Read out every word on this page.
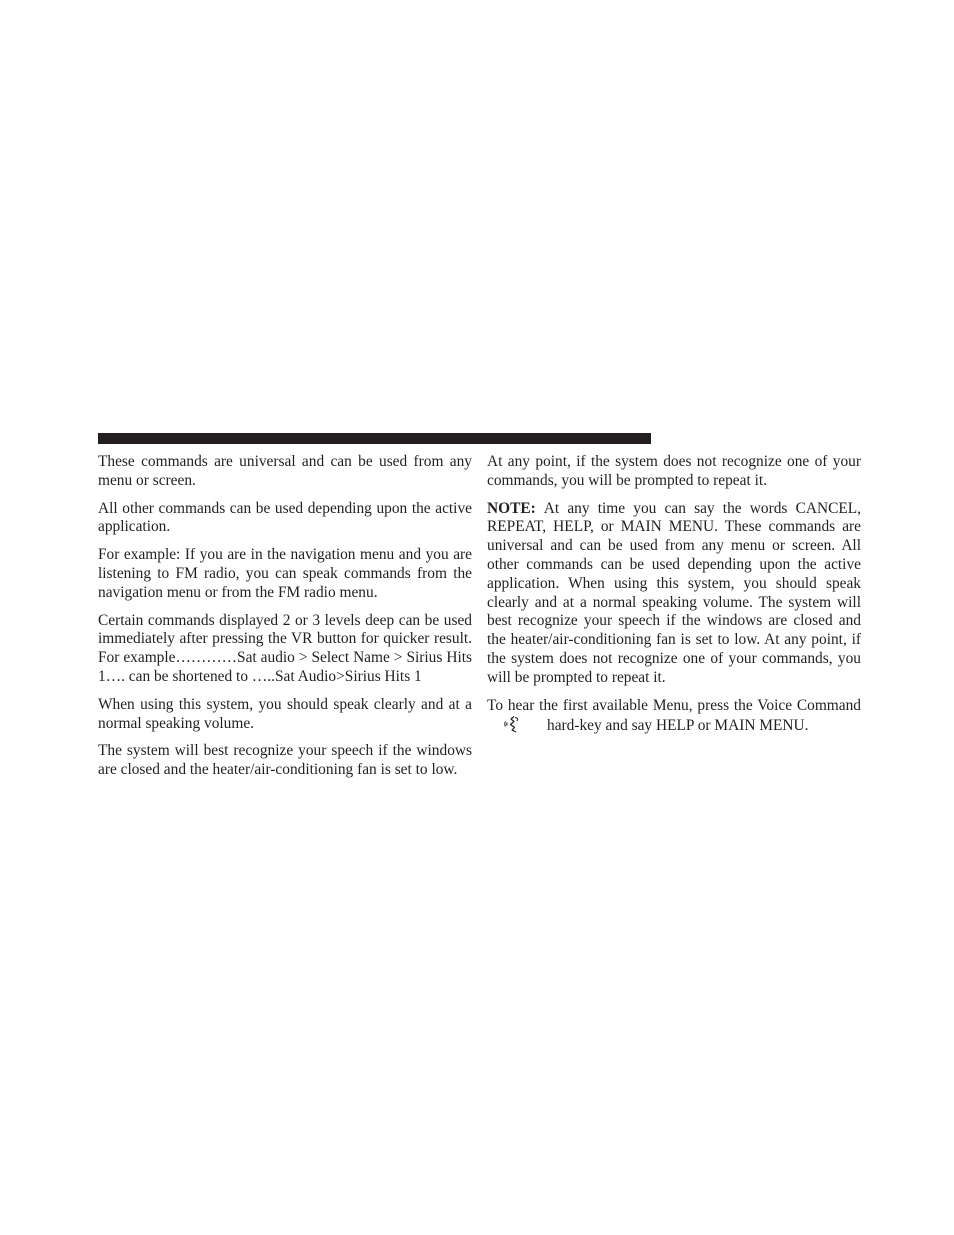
These commands are universal and can be used from any menu or screen.

All other commands can be used depending upon the active application.

For example: If you are in the navigation menu and you are listening to FM radio, you can speak commands from the navigation menu or from the FM radio menu.

Certain commands displayed 2 or 3 levels deep can be used immediately after pressing the VR button for quicker result. For example…………Sat audio > Select Name > Sirius Hits 1…. can be shortened to …..Sat Audio>Sirius Hits 1

When using this system, you should speak clearly and at a normal speaking volume.

The system will best recognize your speech if the windows are closed and the heater/air-conditioning fan is set to low.

At any point, if the system does not recognize one of your commands, you will be prompted to repeat it.

NOTE: At any time you can say the words CANCEL, REPEAT, HELP, or MAIN MENU. These commands are universal and can be used from any menu or screen. All other commands can be used depending upon the active application. When using this system, you should speak clearly and at a normal speaking volume. The system will best recognize your speech if the windows are closed and the heater/air-conditioning fan is set to low. At any point, if the system does not recognize one of your commands, you will be prompted to repeat it.

To hear the first available Menu, press the Voice Commandhard-key and say HELP or MAIN MENU.
